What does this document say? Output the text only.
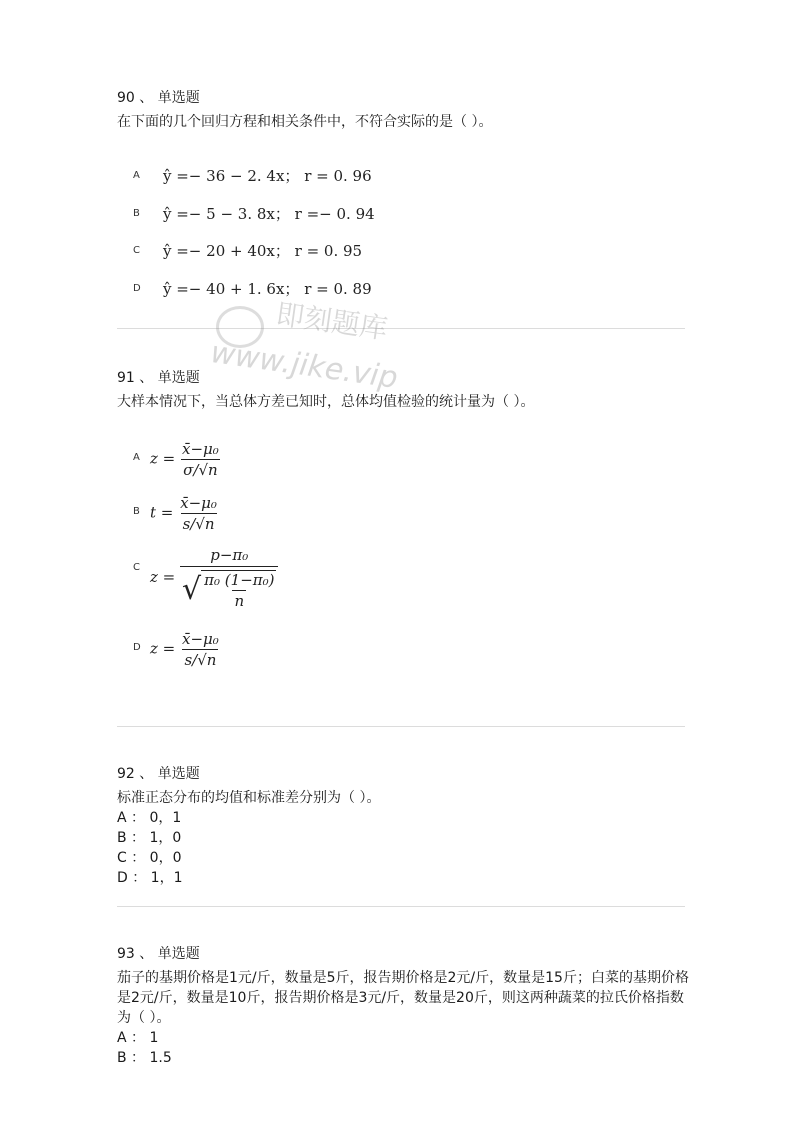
90 、 单选题

在下面的几个回归方程和相关条件中，不符合实际的是（ ）。

A ŷ =− 36 − 2. 4x； r = 0. 96
B ŷ =− 5 − 3. 8x； r =− 0. 94
C ŷ =− 20 + 40x； r = 0. 95
D ŷ =− 40 + 1. 6x； r = 0. 89
即刻题库
www.jike.vip

91 、 单选题

大样本情况下，当总体方差已知时，总体均值检验的统计量为（ ）。

A $z = \frac{\text{x̄−μ₀}}{\sigma/√n}$
B $t = \frac{\text{x̄−μ₀}}{s/√n}$
C
$z = \frac{\text{p−π₀}}{√ \frac{\text{π₀ (1−π₀)}}{n}}$
D $z = \frac{\text{x̄−μ₀}}{s/√n}$

92 、 单选题

标准正态分布的均值和标准差分别为（ ）。

A ： 0，1

B ： 1，0

C ： 0，0

D ： 1，1

93 、 单选题

茄子的基期价格是1元/斤，数量是5斤，报告期价格是2元/斤，数量是15斤；白菜的基期价格是2元/斤，数量是10斤，报告期价格是3元/斤，数量是20斤，则这两种蔬菜的拉氏价格指数为（ ）。

A ： 1

B ： 1.5
